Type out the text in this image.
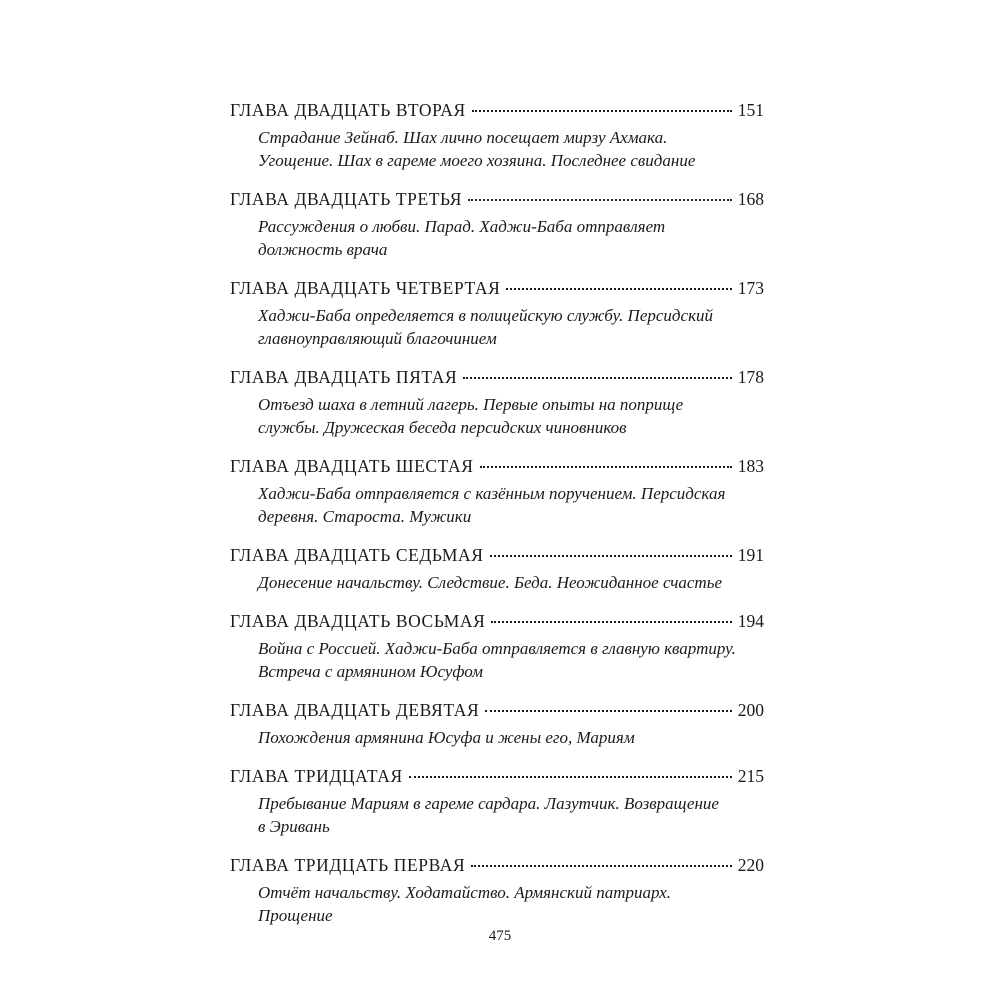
ГЛАВА ДВАДЦАТЬ ВТОРАЯ	151
Страдание Зейнаб. Шах лично посещает мирзу Ахмака.
Угощение. Шах в гареме моего хозяина. Последнее свидание
ГЛАВА ДВАДЦАТЬ ТРЕТЬЯ	168
Рассуждения о любви. Парад. Хаджи-Баба отправляет
должность врача
ГЛАВА ДВАДЦАТЬ ЧЕТВЕРТАЯ	173
Хаджи-Баба определяется в полицейскую службу. Персидский
главноуправляющий благочинием
ГЛАВА ДВАДЦАТЬ ПЯТАЯ	178
Отъезд шаха в летний лагерь. Первые опыты на поприще
службы. Дружеская беседа персидских чиновников
ГЛАВА ДВАДЦАТЬ ШЕСТАЯ	183
Хаджи-Баба отправляется с казённым поручением. Персидская
деревня. Староста. Мужики
ГЛАВА ДВАДЦАТЬ СЕДЬМАЯ	191
Донесение начальству. Следствие. Беда. Неожиданное счастье
ГЛАВА ДВАДЦАТЬ ВОСЬМАЯ	194
Война с Россией. Хаджи-Баба отправляется в главную квартиру.
Встреча с армянином Юсуфом
ГЛАВА ДВАДЦАТЬ ДЕВЯТАЯ	200
Похождения армянина Юсуфа и жены его, Мариям
ГЛАВА ТРИДЦАТАЯ	215
Пребывание Мариям в гареме сардара. Лазутчик. Возвращение
в Эривань
ГЛАВА ТРИДЦАТЬ ПЕРВАЯ	220
Отчёт начальству. Ходатайство. Армянский патриарх.
Прощение
475
